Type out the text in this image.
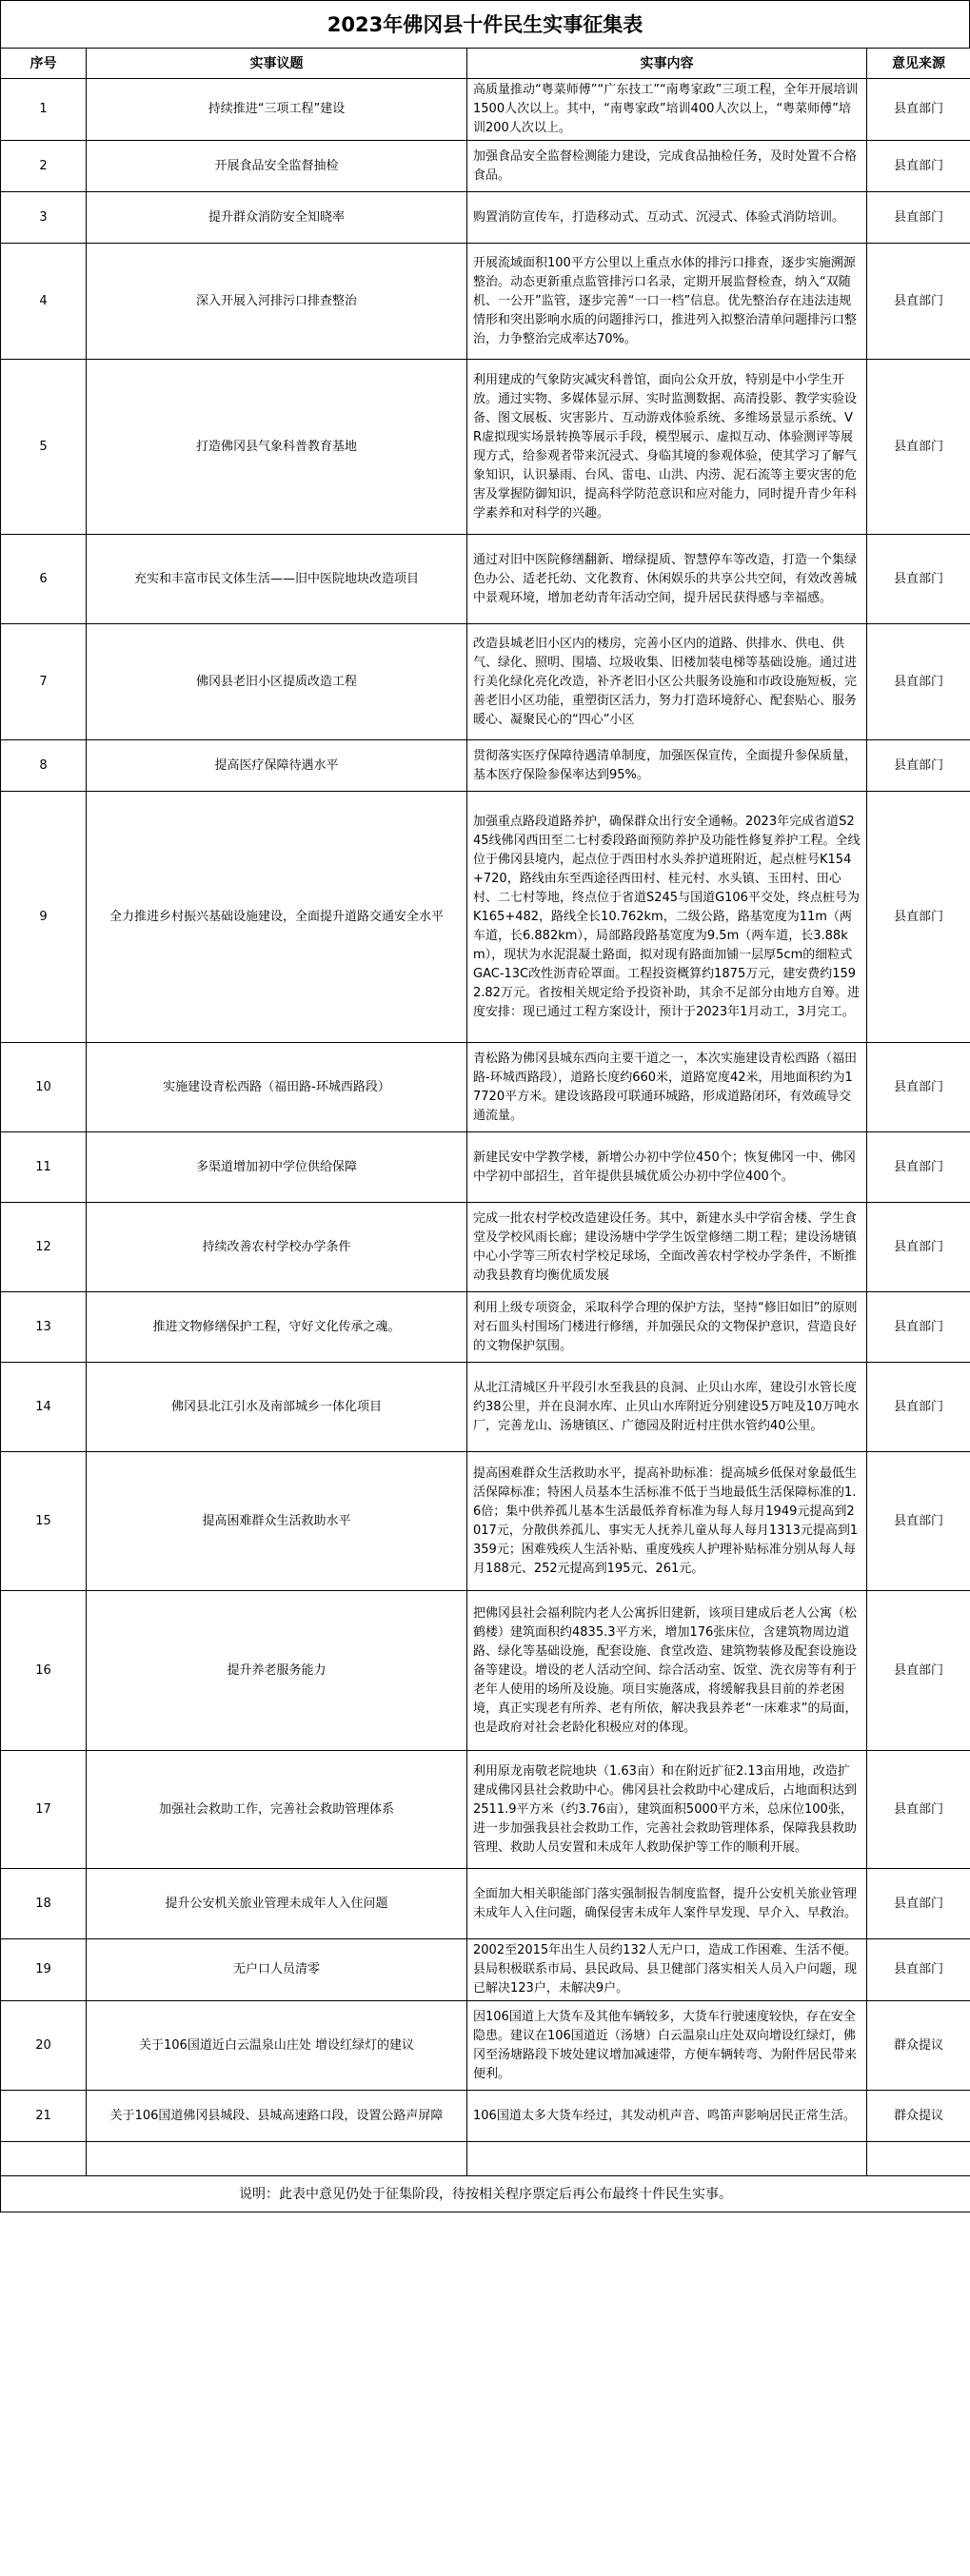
2023年佛冈县十件民生实事征集表
序号	实事议题	实事内容	意见来源
1	持续推进“三项工程”建设	高质量推动“粤菜师傅”“广东技工”“南粤家政”三项工程，全年开展培训1500人次以上。其中，“南粤家政”培训400人次以上，“粤菜师傅”培训200人次以上。	县直部门
2	开展食品安全监督抽检	加强食品安全监督检测能力建设，完成食品抽检任务，及时处置不合格食品。	县直部门
3	提升群众消防安全知晓率	购置消防宣传车，打造移动式、互动式、沉浸式、体验式消防培训。	县直部门
4	深入开展入河排污口排查整治	开展流域面积100平方公里以上重点水体的排污口排查，逐步实施溯源整治。动态更新重点监管排污口名录，定期开展监督检查，纳入“双随机、一公开”监管，逐步完善“一口一档”信息。优先整治存在违法违规情形和突出影响水质的问题排污口，推进列入拟整治清单问题排污口整治，力争整治完成率达70%。	县直部门
5	打造佛冈县气象科普教育基地	利用建成的气象防灾减灾科普馆，面向公众开放，特别是中小学生开放。通过实物、多媒体显示屏、实时监测数据、高清投影、教学实验设备、图文展板、灾害影片、互动游戏体验系统、多维场景显示系统、VR虚拟现实场景转换等展示手段，模型展示、虚拟互动、体验测评等展现方式，给参观者带来沉浸式、身临其境的参观体验，使其学习了解气象知识，认识暴雨、台风、雷电、山洪、内涝、泥石流等主要灾害的危害及掌握防御知识，提高科学防范意识和应对能力，同时提升青少年科学素养和对科学的兴趣。	县直部门
6	充实和丰富市民文体生活——旧中医院地块改造项目	通过对旧中医院修缮翻新、增绿提质、智慧停车等改造，打造一个集绿色办公、适老托幼、文化教育、休闲娱乐的共享公共空间，有效改善城中景观环境，增加老幼青年活动空间，提升居民获得感与幸福感。	县直部门
7	佛冈县老旧小区提质改造工程	改造县城老旧小区内的楼房，完善小区内的道路、供排水、供电、供气、绿化、照明、围墙、垃圾收集、旧楼加装电梯等基础设施。通过进行美化绿化亮化改造，补齐老旧小区公共服务设施和市政设施短板，完善老旧小区功能，重塑街区活力，努力打造环境舒心、配套贴心、服务暖心、凝聚民心的“四心”小区	县直部门
8	提高医疗保障待遇水平	贯彻落实医疗保障待遇清单制度，加强医保宣传，全面提升参保质量，基本医疗保险参保率达到95%。	县直部门
9	全力推进乡村振兴基础设施建设，全面提升道路交通安全水平	加强重点路段道路养护，确保群众出行安全通畅。2023年完成省道S245线佛冈西田至二七村委段路面预防养护及功能性修复养护工程。全线位于佛冈县境内，起点位于西田村水头养护道班附近，起点桩号K154+720，路线由东至西途径西田村、桂元村、水头镇、玉田村、田心村、二七村等地，终点位于省道S245与国道G106平交处，终点桩号为K165+482，路线全长10.762km，二级公路，路基宽度为11m（两车道，长6.882km），局部路段路基宽度为9.5m（两车道，长3.88km），现状为水泥混凝土路面，拟对现有路面加铺一层厚5cm的细粒式GAC-13C改性沥青砼罩面。工程投资概算约1875万元，建安费约1592.82万元。省按相关规定给予投资补助，其余不足部分由地方自筹。进度安排：现已通过工程方案设计，预计于2023年1月动工，3月完工。	县直部门
10	实施建设青松西路（福田路-环城西路段）	青松路为佛冈县城东西向主要干道之一，本次实施建设青松西路（福田路-环城西路段），道路长度约660米，道路宽度42米，用地面积约为17720平方米。建设该路段可联通环城路，形成道路闭环，有效疏导交通流量。	县直部门
11	多渠道增加初中学位供给保障	新建民安中学教学楼，新增公办初中学位450个；恢复佛冈一中、佛冈中学初中部招生，首年提供县城优质公办初中学位400个。	县直部门
12	持续改善农村学校办学条件	完成一批农村学校改造建设任务。其中，新建水头中学宿舍楼、学生食堂及学校风雨长廊；建设汤塘中学学生饭堂修缮二期工程；建设汤塘镇中心小学等三所农村学校足球场，全面改善农村学校办学条件，不断推动我县教育均衡优质发展	县直部门
13	推进文物修缮保护工程，守好文化传承之魂。	利用上级专项资金，采取科学合理的保护方法，坚持“修旧如旧”的原则对石皿头村围场门楼进行修缮，并加强民众的文物保护意识，营造良好的文物保护氛围。	县直部门
14	佛冈县北江引水及南部城乡一体化项目	从北江清城区升平段引水至我县的良洞、止贝山水库，建设引水管长度约38公里，并在良洞水库、止贝山水库附近分别建设5万吨及10万吨水厂，完善龙山、汤塘镇区、广德园及附近村庄供水管约40公里。	县直部门
15	提高困难群众生活救助水平	提高困难群众生活救助水平，提高补助标准：提高城乡低保对象最低生活保障标准；特困人员基本生活标准不低于当地最低生活保障标准的1.6倍；集中供养孤儿基本生活最低养育标准为每人每月1949元提高到2017元，分散供养孤儿、事实无人抚养儿童从每人每月1313元提高到1359元；困难残疾人生活补贴、重度残疾人护理补贴标准分别从每人每月188元、252元提高到195元、261元。	县直部门
16	提升养老服务能力	把佛冈县社会福利院内老人公寓拆旧建新，该项目建成后老人公寓（松鹤楼）建筑面积约4835.3平方米，增加176张床位，含建筑物周边道路、绿化等基础设施，配套设施、食堂改造、建筑物装修及配套设施设备等建设。增设的老人活动空间、综合活动室、饭堂、洗衣房等有利于老年人使用的场所及设施。项目实施落成，将缓解我县目前的养老困境，真正实现老有所养、老有所依，解决我县养老“一床难求”的局面，也是政府对社会老龄化积极应对的体现。	县直部门
17	加强社会救助工作，完善社会救助管理体系	利用原龙南敬老院地块（1.63亩）和在附近扩征2.13亩用地，改造扩建成佛冈县社会救助中心。佛冈县社会救助中心建成后，占地面积达到2511.9平方米（约3.76亩），建筑面积5000平方米，总床位100张，进一步加强我县社会救助工作，完善社会救助管理体系，保障我县救助管理、救助人员安置和未成年人救助保护等工作的顺利开展。	县直部门
18	提升公安机关旅业管理未成年人入住问题	全面加大相关职能部门落实强制报告制度监督，提升公安机关旅业管理未成年人入住问题，确保侵害未成年人案件早发现、早介入、早救治。	县直部门
19	无户口人员清零	2002至2015年出生人员约132人无户口，造成工作困难、生活不便。县局积极联系市局、县民政局、县卫健部门落实相关人员入户问题，现已解决123户，未解决9户。	县直部门
20	关于106国道近白云温泉山庄处 增设红绿灯的建议	因106国道上大货车及其他车辆较多，大货车行驶速度较快，存在安全隐患。建议在106国道近（汤塘）白云温泉山庄处双向增设红绿灯，佛冈至汤塘路段下坡处建议增加减速带，方便车辆转弯、为附件居民带来便利。	群众提议
21	关于106国道佛冈县城段、县城高速路口段，设置公路声屏障	106国道太多大货车经过，其发动机声音、鸣笛声影响居民正常生活。	群众提议

说明：此表中意见仍处于征集阶段，待按相关程序票定后再公布最终十件民生实事。			
